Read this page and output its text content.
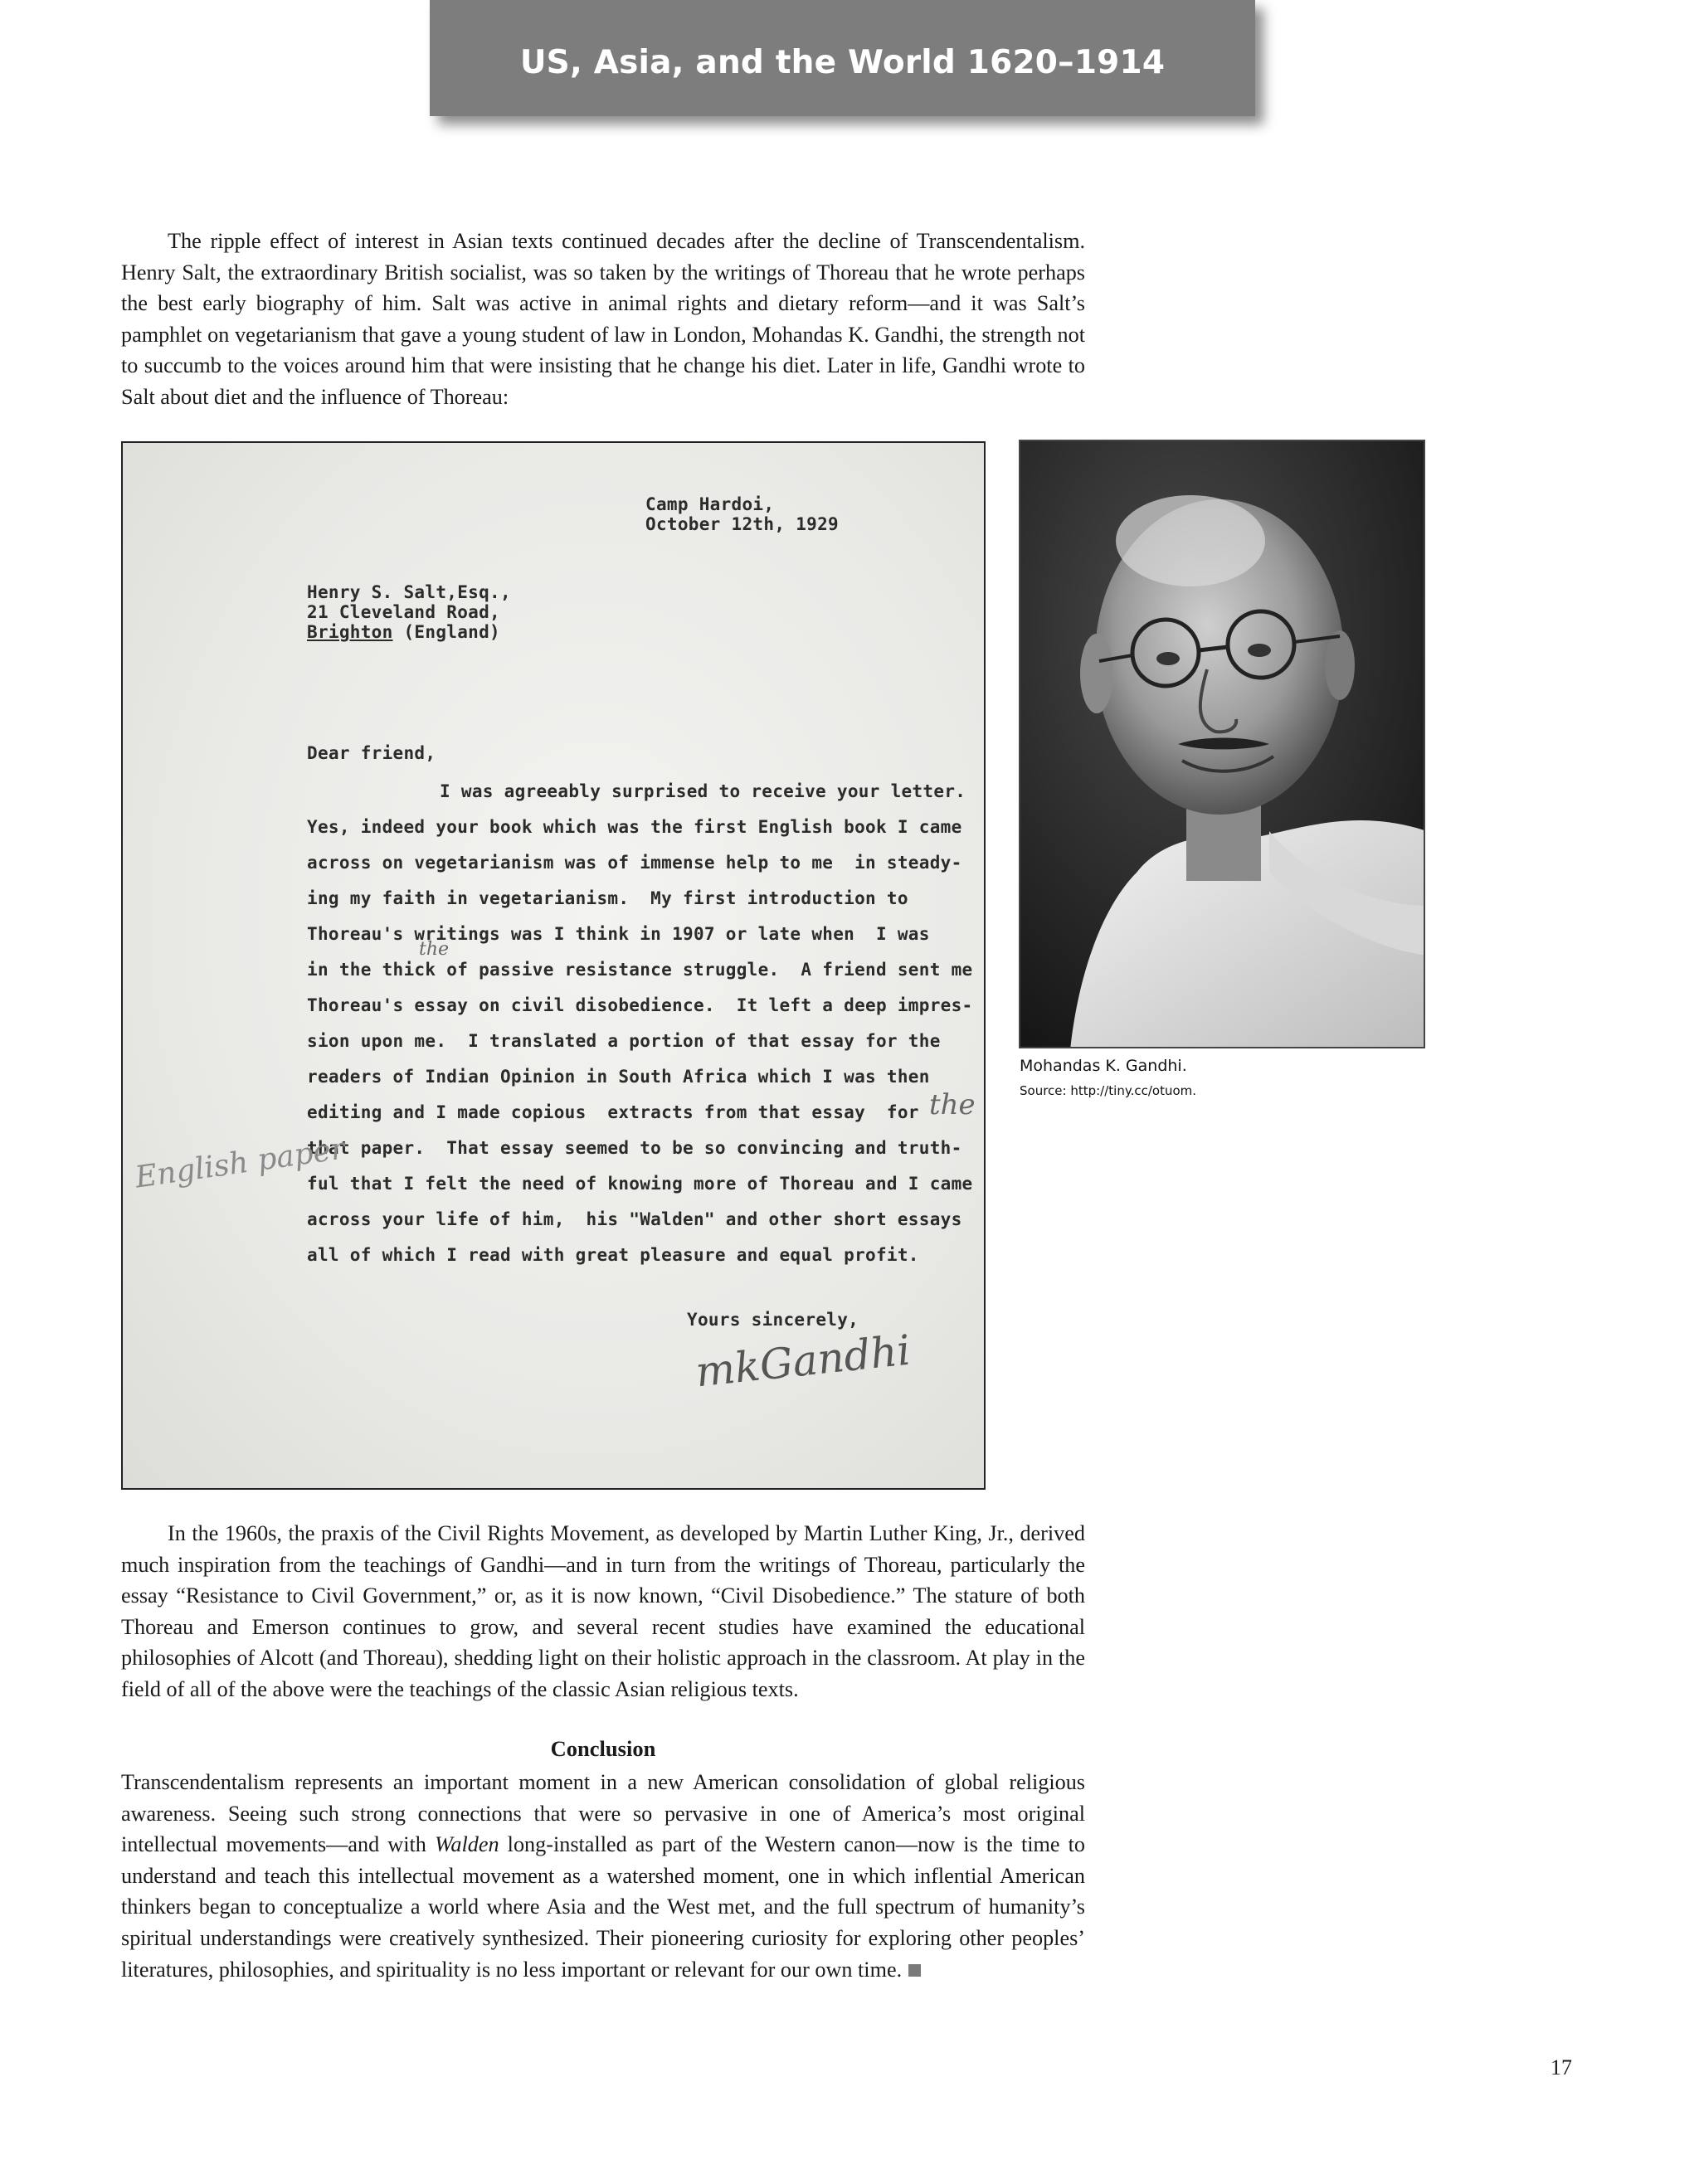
US, Asia, and the World 1620–1914

The ripple effect of interest in Asian texts continued decades after the decline of Transcendentalism. Henry Salt, the extraordinary British socialist, was so taken by the writings of Thoreau that he wrote perhaps the best early biography of him. Salt was active in animal rights and dietary reform—and it was Salt’s pamphlet on vegetarianism that gave a young student of law in London, Mohandas K. Gandhi, the strength not to succumb to the voices around him that were insisting that he change his diet. Later in life, Gandhi wrote to Salt about diet and the influence of Thoreau:

Camp Hardoi,
October 12th, 1929
Henry S. Salt,Esq.,
21 Cleveland Road,
Brighton (England)
Dear friend,
I was agreeably surprised to receive your letter.
Yes, indeed your book which was the first English book I came
across on vegetarianism was of immense help to me  in steady-
ing my faith in vegetarianism.  My first introduction to
Thoreau's writings was I think in 1907 or late when  I was
in the thick of passive resistance struggle.  A friend sent me
Thoreau's essay on civil disobedience.  It left a deep impres-
sion upon me.  I translated a portion of that essay for the
readers of Indian Opinion in South Africa which I was then
editing and I made copious  extracts from that essay  for
that paper.  That essay seemed to be so convincing and truth-
ful that I felt the need of knowing more of Thoreau and I came
across your life of him,  his "Walden" and other short essays
all of which I read with great pleasure and equal profit.
the
the
English paper
Yours sincerely,
mkGandhi
Mohandas K. Gandhi.
Source: http://tiny.cc/otuom.

In the 1960s, the praxis of the Civil Rights Movement, as developed by Martin Luther King, Jr., derived much inspiration from the teachings of Gandhi—and in turn from the writings of Thoreau, particularly the essay “Resistance to Civil Government,” or, as it is now known, “Civil Disobedience.” The stature of both Thoreau and Emerson continues to grow, and several recent studies have examined the educational philosophies of Alcott (and Thoreau), shedding light on their holistic approach in the classroom. At play in the field of all of the above were the teachings of the classic Asian religious texts.

Conclusion

Transcendentalism represents an important moment in a new American consolidation of global religious awareness. Seeing such strong connections that were so pervasive in one of America’s most original intellectual movements—and with Walden long-installed as part of the Western canon—now is the time to understand and teach this intellectual movement as a watershed moment, one in which inflential American thinkers began to conceptualize a world where Asia and the West met, and the full spectrum of humanity’s spiritual understandings were creatively synthesized. Their pioneering curiosity for exploring other peoples’ literatures, philosophies, and spirituality is no less important or relevant for our own time.

17
